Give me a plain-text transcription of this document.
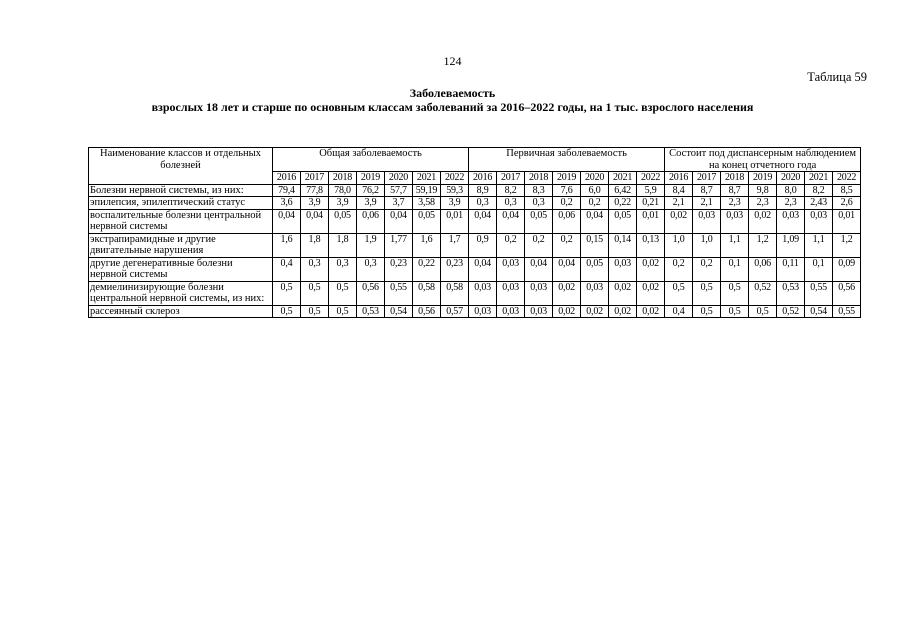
124
Таблица 59
Заболеваемость
взрослых 18 лет и старше по основным классам заболеваний за 2016–2022 годы, на 1 тыс. взрослого населения
Наименование классов и отдельных болезней	Общая заболеваемость							Первичная заболеваемость							Состоит под диспансерным наблюдением на конец отчетного года						
	2016	2017	2018	2019	2020	2021	2022	2016	2017	2018	2019	2020	2021	2022	2016	2017	2018	2019	2020	2021	2022
Болезни нервной системы, из них:	79,4	77,8	78,0	76,2	57,7	59,19	59,3	8,9	8,2	8,3	7,6	6,0	6,42	5,9	8,4	8,7	8,7	9,8	8,0	8,2	8,5
эпилепсия, эпилептический статус	3,6	3,9	3,9	3,9	3,7	3,58	3,9	0,3	0,3	0,3	0,2	0,2	0,22	0,21	2,1	2,1	2,3	2,3	2,3	2,43	2,6
воспалительные болезни центральной нервной системы	0,04	0,04	0,05	0,06	0,04	0,05	0,01	0,04	0,04	0,05	0,06	0,04	0,05	0,01	0,02	0,03	0,03	0,02	0,03	0,03	0,01
экстрапирамидные и другие двигательные нарушения	1,6	1,8	1,8	1,9	1,77	1,6	1,7	0,9	0,2	0,2	0,2	0,15	0,14	0,13	1,0	1,0	1,1	1,2	1,09	1,1	1,2
другие дегенеративные болезни нервной системы	0,4	0,3	0,3	0,3	0,23	0,22	0,23	0,04	0,03	0,04	0,04	0,05	0,03	0,02	0,2	0,2	0,1	0,06	0,11	0,1	0,09
демиелинизирующие болезни центральной нервной системы, из них:	0,5	0,5	0,5	0,56	0,55	0,58	0,58	0,03	0,03	0,03	0,02	0,03	0,02	0,02	0,5	0,5	0,5	0,52	0,53	0,55	0,56
рассеянный склероз	0,5	0,5	0,5	0,53	0,54	0,56	0,57	0,03	0,03	0,03	0,02	0,02	0,02	0,02	0,4	0,5	0,5	0,5	0,52	0,54	0,55
